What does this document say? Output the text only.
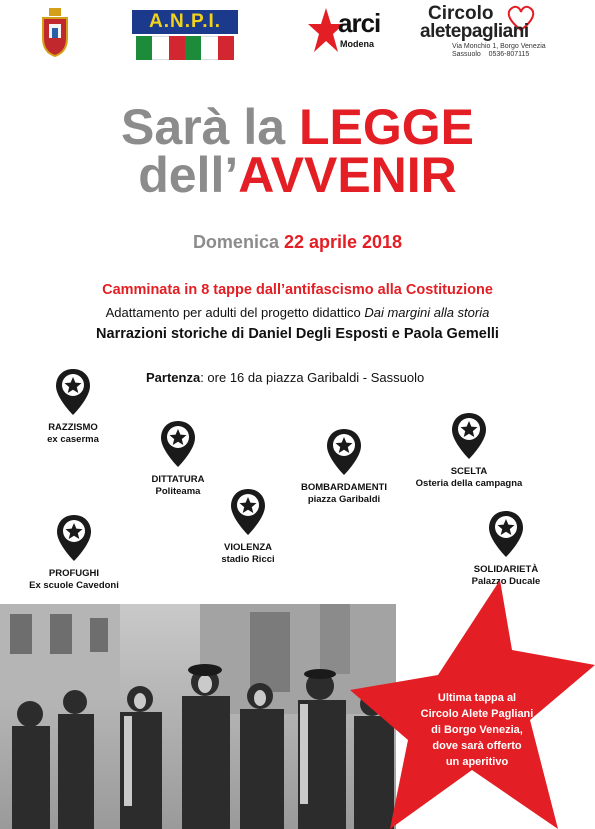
A.N.P.I.	arci
Modena
Circolo
aletepagliani
Via Monchio 1, Borgo Venezia
Sassuolo    0536-807115
Sarà la LEGGE
dell’AVVENIR
Domenica 22 aprile 2018
Camminata in 8 tappe dall’antifascismo alla Costituzione
Adattamento per adulti del progetto didattico Dai margini alla storia
Narrazioni storiche di Daniel Degli Esposti e Paola Gemelli
Partenza: ore 16 da piazza Garibaldi - Sassuolo
RAZZISMO
ex caserma
DITTATURA
Politeama
VIOLENZA
stadio Ricci
BOMBARDAMENTI
piazza Garibaldi
SCELTA
Osteria della campagna
PROFUGHI
Ex scuole Cavedoni
SOLIDARIETÀ
Palazzo Ducale
Ultima tappa al
Circolo Alete Pagliani
di Borgo Venezia,
dove sarà offerto
un aperitivo
